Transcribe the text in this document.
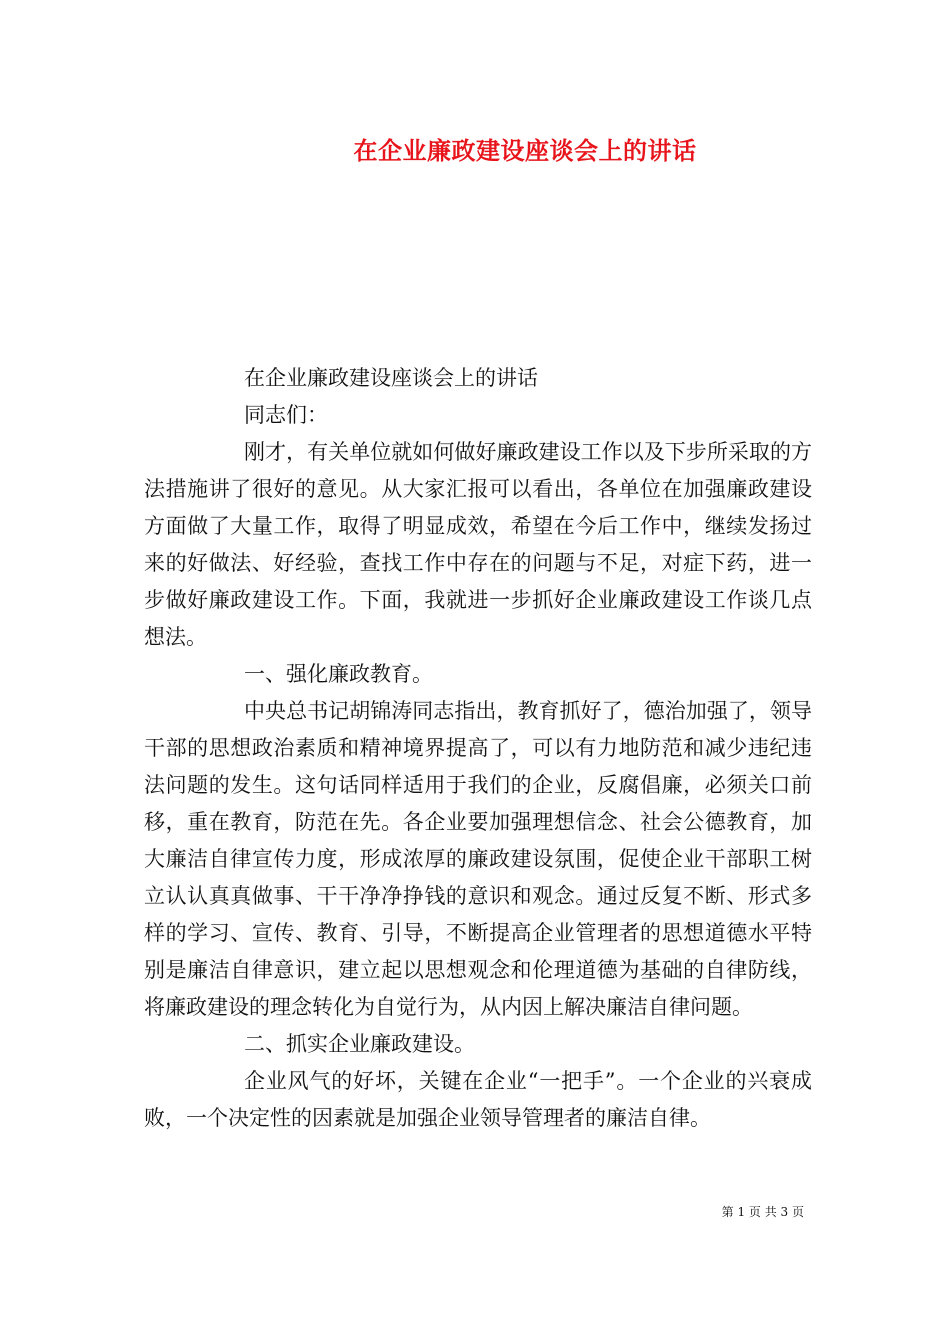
在企业廉政建设座谈会上的讲话

在企业廉政建设座谈会上的讲话

同志们：

刚才，有关单位就如何做好廉政建设工作以及下步所采取的方法措施讲了很好的意见。从大家汇报可以看出，各单位在加强廉政建设方面做了大量工作，取得了明显成效，希望在今后工作中，继续发扬过来的好做法、好经验，查找工作中存在的问题与不足，对症下药，进一步做好廉政建设工作。下面，我就进一步抓好企业廉政建设工作谈几点想法。

一、强化廉政教育。

中央总书记胡锦涛同志指出，教育抓好了，德治加强了，领导干部的思想政治素质和精神境界提高了，可以有力地防范和减少违纪违法问题的发生。这句话同样适用于我们的企业，反腐倡廉，必须关口前移，重在教育，防范在先。各企业要加强理想信念、社会公德教育，加大廉洁自律宣传力度，形成浓厚的廉政建设氛围，促使企业干部职工树立认认真真做事、干干净净挣钱的意识和观念。通过反复不断、形式多样的学习、宣传、教育、引导，不断提高企业管理者的思想道德水平特别是廉洁自律意识，建立起以思想观念和伦理道德为基础的自律防线，将廉政建设的理念转化为自觉行为，从内因上解决廉洁自律问题。

二、抓实企业廉政建设。

企业风气的好坏，关键在企业“一把手”。一个企业的兴衰成败，一个决定性的因素就是加强企业领导管理者的廉洁自律。

第 1 页 共 3 页
